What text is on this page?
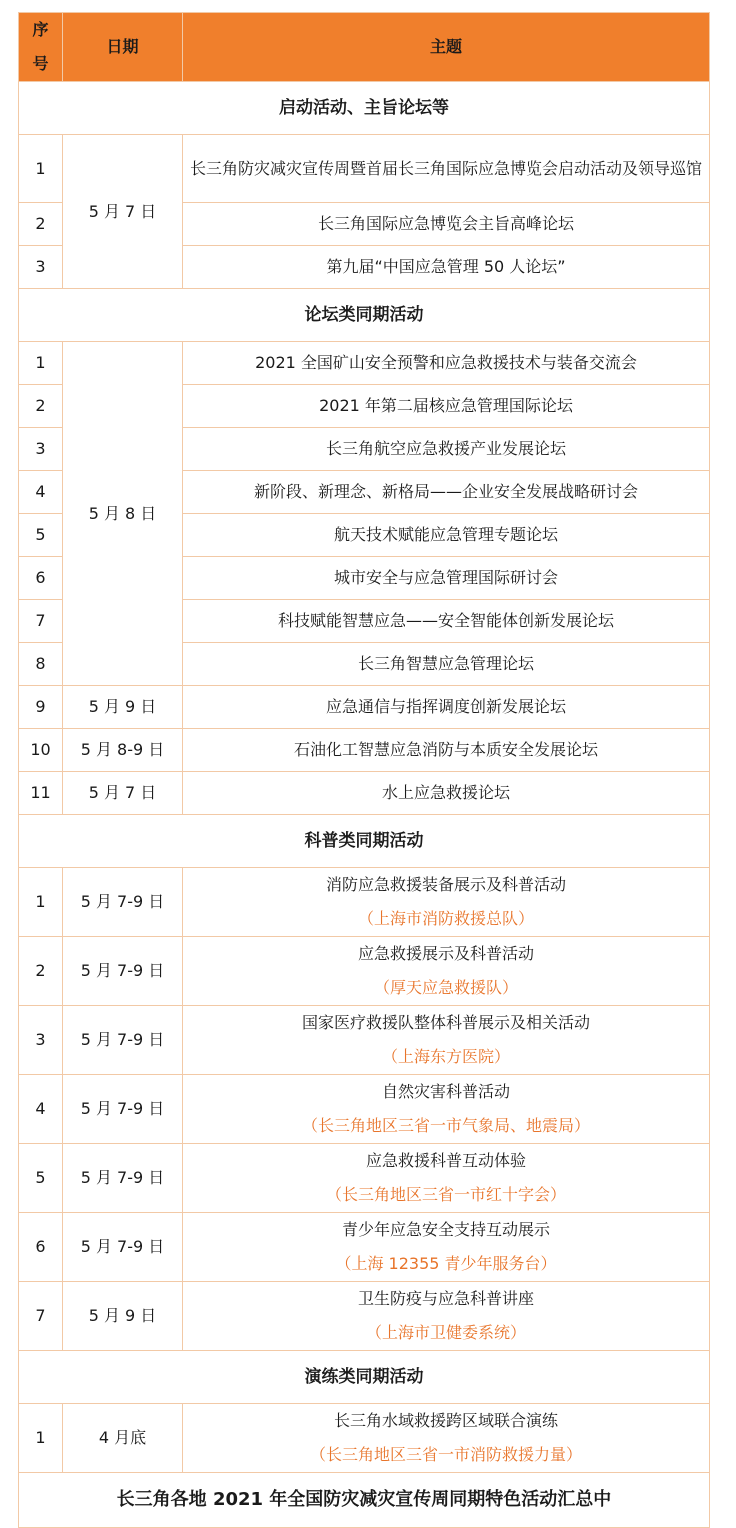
序号	日期	主题
启动活动、主旨论坛等		
1	5 月 7 日	长三角防灾减灾宣传周暨首届长三角国际应急博览会启动活动及领导巡馆
2		长三角国际应急博览会主旨高峰论坛
3		第九届“中国应急管理 50 人论坛”
论坛类同期活动		
1	5 月 8 日	2021 全国矿山安全预警和应急救援技术与装备交流会
2		2021 年第二届核应急管理国际论坛
3		长三角航空应急救援产业发展论坛
4		新阶段、新理念、新格局——企业安全发展战略研讨会
5		航天技术赋能应急管理专题论坛
6		城市安全与应急管理国际研讨会
7		科技赋能智慧应急——安全智能体创新发展论坛
8		长三角智慧应急管理论坛
9	5 月 9 日	应急通信与指挥调度创新发展论坛
10	5 月 8-9 日	石油化工智慧应急消防与本质安全发展论坛
11	5 月 7 日	水上应急救援论坛
科普类同期活动		
1	5 月 7-9 日	消防应急救援装备展示及科普活动
（上海市消防救援总队）

2	5 月 7-9 日	应急救援展示及科普活动
（厚天应急救援队）

3	5 月 7-9 日	国家医疗救援队整体科普展示及相关活动
（上海东方医院）

4	5 月 7-9 日	自然灾害科普活动
（长三角地区三省一市气象局、地震局）

5	5 月 7-9 日	应急救援科普互动体验
（长三角地区三省一市红十字会）

6	5 月 7-9 日	青少年应急安全支持互动展示
（上海 12355 青少年服务台）

7	5 月 9 日	卫生防疫与应急科普讲座
（上海市卫健委系统）

演练类同期活动		
1	4 月底	长三角水域救援跨区域联合演练
（长三角地区三省一市消防救援力量）

长三角各地 2021 年全国防灾减灾宣传周同期特色活动汇总中		
